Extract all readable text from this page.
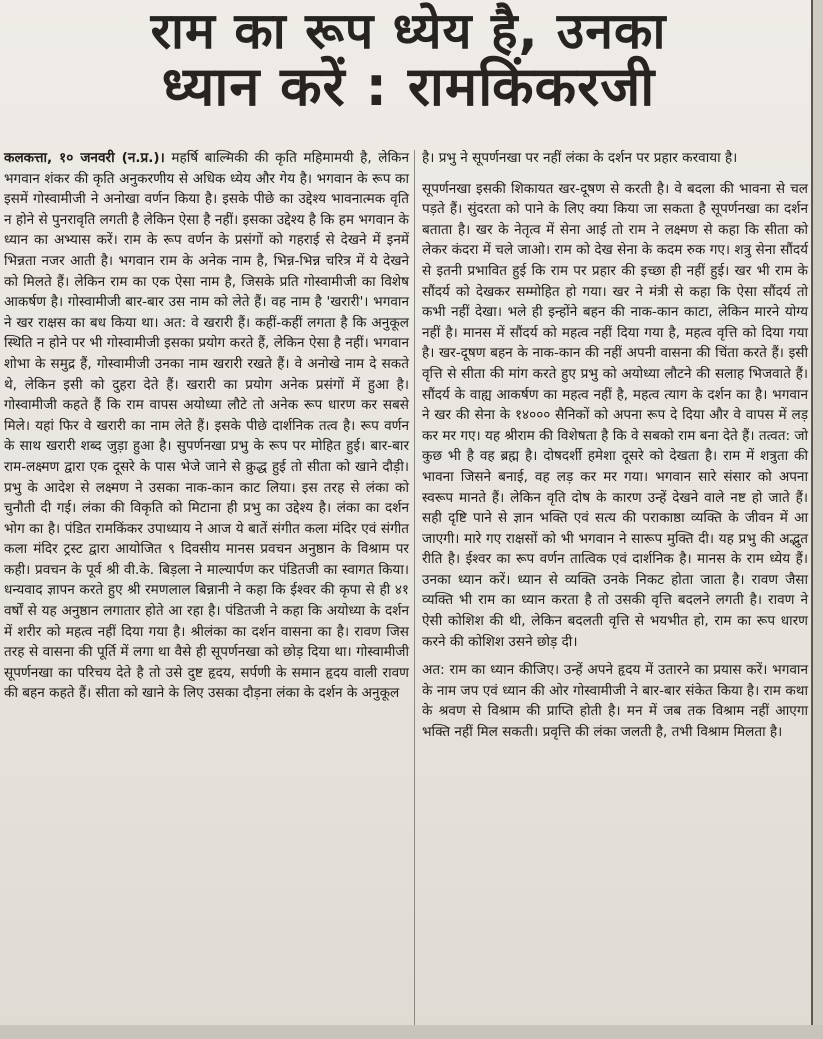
राम का रूप ध्येय है, उनका
ध्यान करें : रामकिंकरजी

कलकत्ता, १० जनवरी (न.प्र.)। महर्षि बाल्मिकी की कृति महिमामयी है, लेकिन भगवान शंकर की कृति अनुकरणीय से अधिक ध्येय और गेय है। भगवान के रूप का इसमें गोस्वामीजी ने अनोखा वर्णन किया है। इसके पीछे का उद्देश्य भावनात्मक वृति न होने से पुनरावृति लगती है लेकिन ऐसा है नहीं। इसका उद्देश्य है कि हम भगवान के ध्यान का अभ्यास करें। राम के रूप वर्णन के प्रसंगों को गहराई से देखने में इनमें भिन्नता नजर आती है। भगवान राम के अनेक नाम है, भिन्न-भिन्न चरित्र में ये देखने को मिलते हैं। लेकिन राम का एक ऐसा नाम है, जिसके प्रति गोस्वामीजी का विशेष आकर्षण है। गोस्वामीजी बार-बार उस नाम को लेते हैं। वह नाम है 'खरारी'। भगवान ने खर राक्षस का बध किया था। अत: वे खरारी हैं। कहीं-कहीं लगता है कि अनुकूल स्थिति न होने पर भी गोस्वामीजी इसका प्रयोग करते हैं, लेकिन ऐसा है नहीं। भगवान शोभा के समुद्र हैं, गोस्वामीजी उनका नाम खरारी रखते हैं। वे अनोखे नाम दे सकते थे, लेकिन इसी को दुहरा देते हैं। खरारी का प्रयोग अनेक प्रसंगों में हुआ है। गोस्वामीजी कहते हैं कि राम वापस अयोध्या लौटे तो अनेक रूप धारण कर सबसे मिले। यहां फिर वे खरारी का नाम लेते हैं। इसके पीछे दार्शनिक तत्व है। रूप वर्णन के साथ खरारी शब्द जुड़ा हुआ है। सुपर्णनखा प्रभु के रूप पर मोहित हुई। बार-बार राम-लक्ष्मण द्वारा एक दूसरे के पास भेजे जाने से क्रुद्ध हुई तो सीता को खाने दौड़ी। प्रभु के आदेश से लक्ष्मण ने उसका नाक-कान काट लिया। इस तरह से लंका को चुनौती दी गई। लंका की विकृति को मिटाना ही प्रभु का उद्देश्य है। लंका का दर्शन भोग का है। पंडित रामकिंकर उपाध्याय ने आज ये बातें संगीत कला मंदिर एवं संगीत कला मंदिर ट्रस्ट द्वारा आयोजित ९ दिवसीय मानस प्रवचन अनुष्ठान के विश्राम पर कही। प्रवचन के पूर्व श्री वी.के. बिड़ला ने माल्यार्पण कर पंडितजी का स्वागत किया। धन्यवाद ज्ञापन करते हुए श्री रमणलाल बिन्नानी ने कहा कि ईश्वर की कृपा से ही ४१ वर्षों से यह अनुष्ठान लगातार होते आ रहा है। पंडितजी ने कहा कि अयोध्या के दर्शन में शरीर को महत्व नहीं दिया गया है। श्रीलंका का दर्शन वासना का है। रावण जिस तरह से वासना की पूर्ति में लगा था वैसे ही सूपर्णनखा को छोड़ दिया था। गोस्वामीजी सूपर्णनखा का परिचय देते है तो उसे दुष्ट हृदय, सर्पणी के समान हृदय वाली रावण की बहन कहते हैं। सीता को खाने के लिए उसका दौड़ना लंका के दर्शन के अनुकूल

है। प्रभु ने सूपर्णनखा पर नहीं लंका के दर्शन पर प्रहार करवाया है।

सूपर्णनखा इसकी शिकायत खर-दूषण से करती है। वे बदला की भावना से चल पड़ते हैं। सुंदरता को पाने के लिए क्या किया जा सकता है सूपर्णनखा का दर्शन बताता है। खर के नेतृत्व में सेना आई तो राम ने लक्ष्मण से कहा कि सीता को लेकर कंदरा में चले जाओ। राम को देख सेना के कदम रुक गए। शत्रु सेना सौंदर्य से इतनी प्रभावित हुई कि राम पर प्रहार की इच्छा ही नहीं हुई। खर भी राम के सौंदर्य को देखकर सम्मोहित हो गया। खर ने मंत्री से कहा कि ऐसा सौंदर्य तो कभी नहीं देखा। भले ही इन्होंने बहन की नाक-कान काटा, लेकिन मारने योग्य नहीं है। मानस में सौंदर्य को महत्व नहीं दिया गया है, महत्व वृत्ति को दिया गया है। खर-दूषण बहन के नाक-कान की नहीं अपनी वासना की चिंता करते हैं। इसी वृत्ति से सीता की मांग करते हुए प्रभु को अयोध्या लौटने की सलाह भिजवाते हैं। सौंदर्य के वाह्य आकर्षण का महत्व नहीं है, महत्व त्याग के दर्शन का है। भगवान ने खर की सेना के १४००० सैनिकों को अपना रूप दे दिया और वे वापस में लड़ कर मर गए। यह श्रीराम की विशेषता है कि वे सबको राम बना देते हैं। तत्वत: जो कुछ भी है वह ब्रह्म है। दोषदर्शी हमेशा दूसरे को देखता है। राम में शत्रुता की भावना जिसने बनाई, वह लड़ कर मर गया। भगवान सारे संसार को अपना स्वरूप मानते हैं। लेकिन वृति दोष के कारण उन्हें देखने वाले नष्ट हो जाते हैं। सही दृष्टि पाने से ज्ञान भक्ति एवं सत्य की पराकाष्ठा व्यक्ति के जीवन में आ जाएगी। मारे गए राक्षसों को भी भगवान ने सारूप मुक्ति दी। यह प्रभु की अद्भुत रीति है। ईश्वर का रूप वर्णन तात्विक एवं दार्शनिक है। मानस के राम ध्येय हैं। उनका ध्यान करें। ध्यान से व्यक्ति उनके निकट होता जाता है। रावण जैसा व्यक्ति भी राम का ध्यान करता है तो उसकी वृत्ति बदलने लगती है। रावण ने ऐसी कोशिश की थी, लेकिन बदलती वृत्ति से भयभीत हो, राम का रूप धारण करने की कोशिश उसने छोड़ दी।

अत: राम का ध्यान कीजिए। उन्हें अपने हृदय में उतारने का प्रयास करें। भगवान के नाम जप एवं ध्यान की ओर गोस्वामीजी ने बार-बार संकेत किया है। राम कथा के श्रवण से विश्राम की प्राप्ति होती है। मन में जब तक विश्राम नहीं आएगा भक्ति नहीं मिल सकती। प्रवृत्ति की लंका जलती है, तभी विश्राम मिलता है।
